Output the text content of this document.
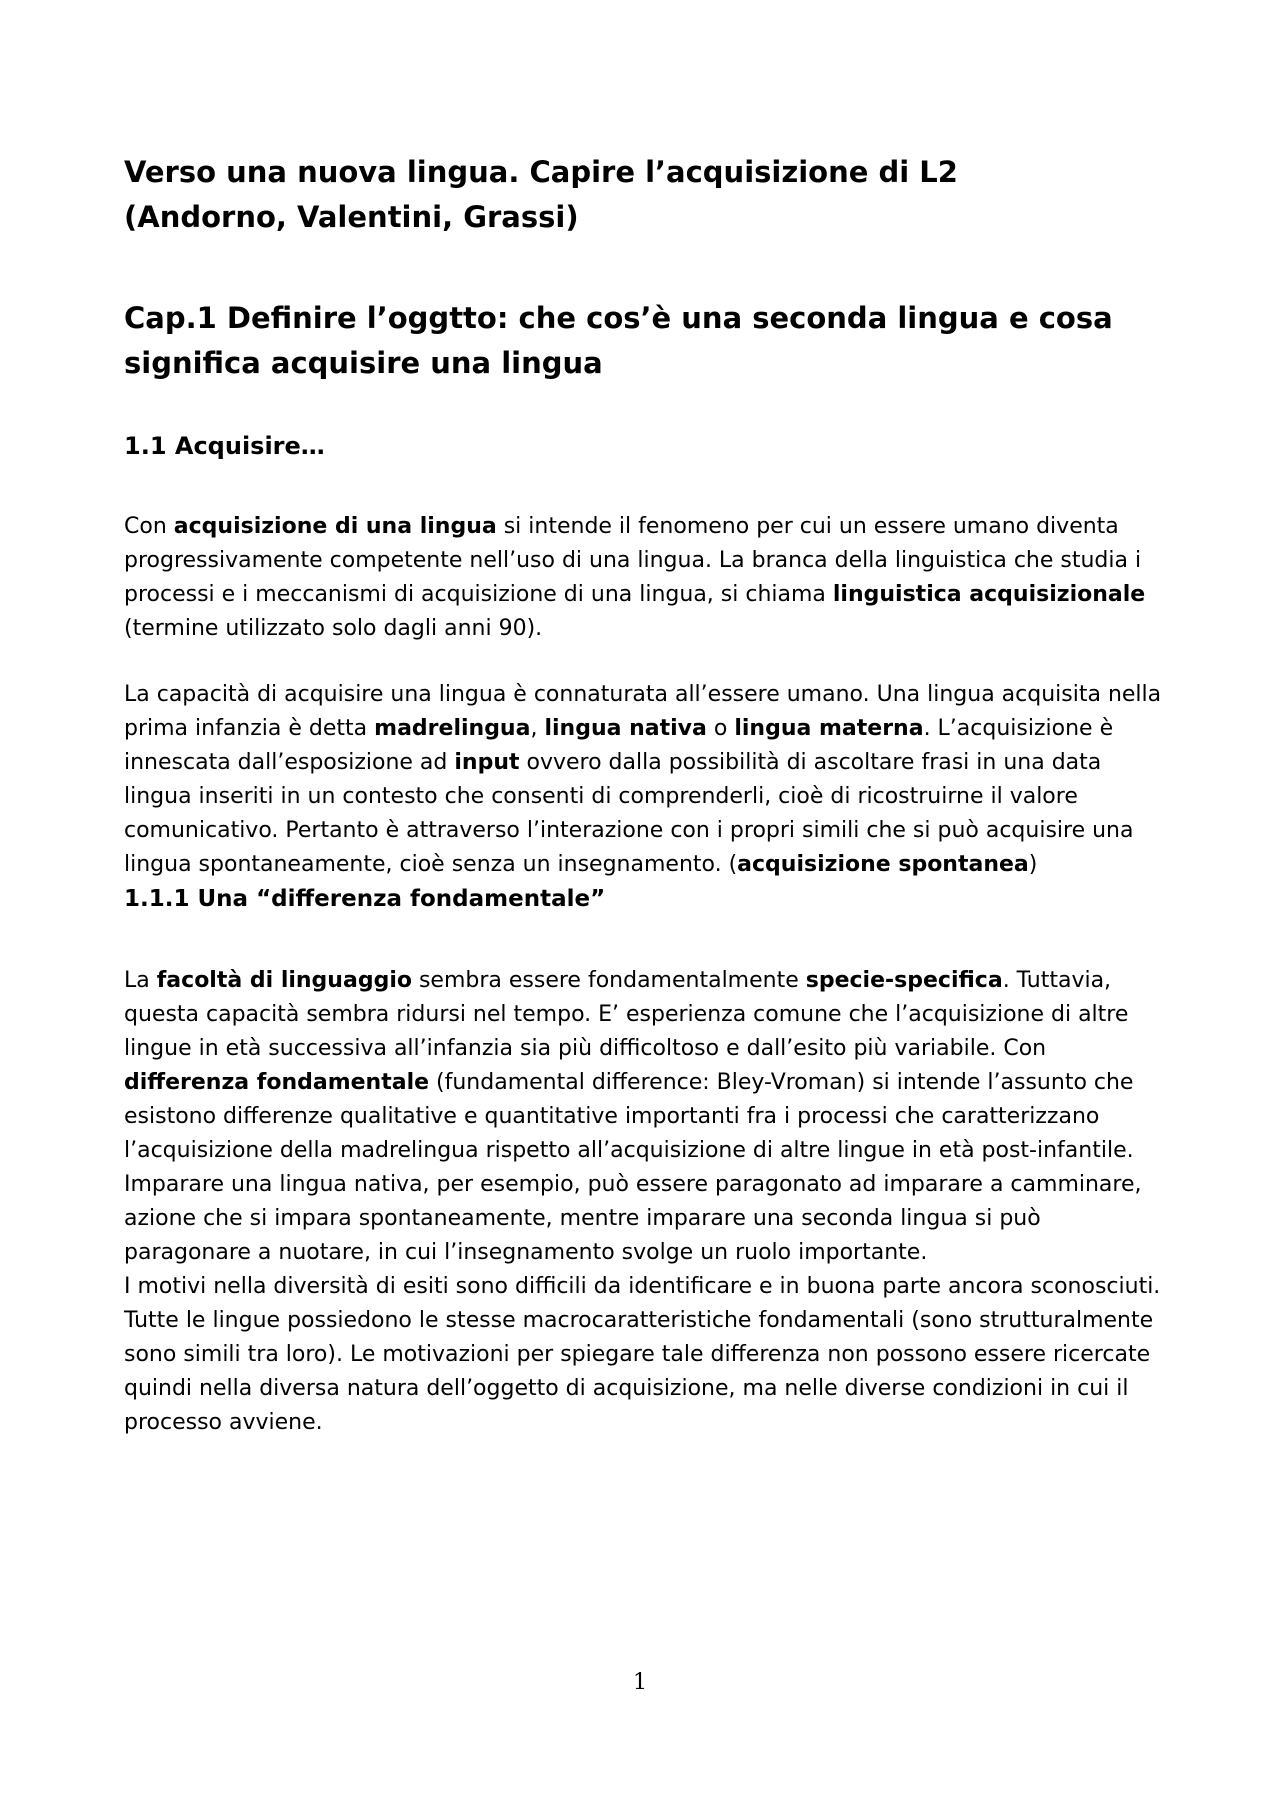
Verso una nuova lingua. Capire l’acquisizione di L2
(Andorno, Valentini, Grassi)
Cap.1 Definire l’oggtto: che cos’è una seconda lingua e cosa
significa acquisire una lingua
1.1 Acquisire…

Con acquisizione di una lingua si intende il fenomeno per cui un essere umano diventa progressivamente competente nell’uso di una lingua. La branca della linguistica che studia i processi e i meccanismi di acquisizione di una lingua, si chiama linguistica acquisizionale (termine utilizzato solo dagli anni 90).

La capacità di acquisire una lingua è connaturata all’essere umano. Una lingua acquisita nella prima infanzia è detta madrelingua, lingua nativa o lingua materna. L’acquisizione è innescata dall’esposizione ad input ovvero dalla possibilità di ascoltare frasi in una data lingua inseriti in un contesto che consenti di comprenderli, cioè di ricostruirne il valore comunicativo. Pertanto è attraverso l’interazione con i propri simili che si può acquisire una lingua spontaneamente, cioè senza un insegnamento. (acquisizione spontanea)

1.1.1 Una “differenza fondamentale”

La facoltà di linguaggio sembra essere fondamentalmente specie-specifica. Tuttavia, questa capacità sembra ridursi nel tempo. E’ esperienza comune che l’acquisizione di altre lingue in età successiva all’infanzia sia più difficoltoso e dall’esito più variabile. Con differenza fondamentale (fundamental difference: Bley-Vroman) si intende l’assunto che esistono differenze qualitative e quantitative importanti fra i processi che caratterizzano l’acquisizione della madrelingua rispetto all’acquisizione di altre lingue in età post-infantile. Imparare una lingua nativa, per esempio, può essere paragonato ad imparare a camminare, azione che si impara spontaneamente, mentre imparare una seconda lingua si può paragonare a nuotare, in cui l’insegnamento svolge un ruolo importante.

I motivi nella diversità di esiti sono difficili da identificare e in buona parte ancora sconosciuti. Tutte le lingue possiedono le stesse macrocaratteristiche fondamentali (sono strutturalmente sono simili tra loro). Le motivazioni per spiegare tale differenza non possono essere ricercate quindi nella diversa natura dell’oggetto di acquisizione, ma nelle diverse condizioni in cui il processo avviene.

1
